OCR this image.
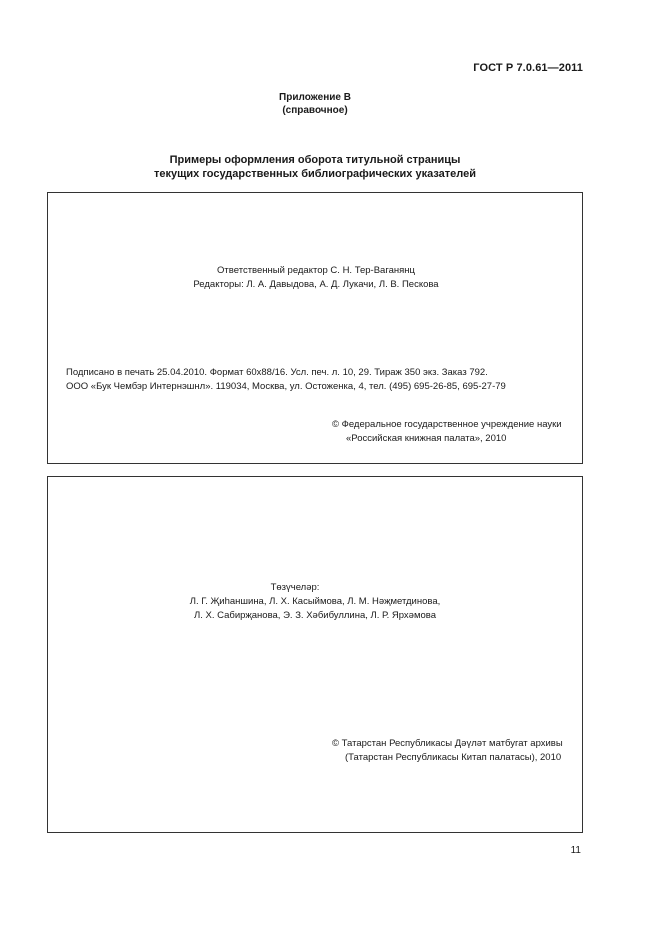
ГОСТ Р 7.0.61—2011
Приложение В
(справочное)
Примеры оформления оборота титульной страницы
текущих государственных библиографических указателей
Ответственный редактор С. Н. Тер-Ваганянц
Редакторы: Л. А. Давыдова, А. Д. Лукачи, Л. В. Пескова
Подписано в печать 25.04.2010. Формат 60x88/16. Усл. печ. л. 10, 29. Тираж 350 экз. Заказ 792.
ООО «Бук Чембэр Интернэшнл». 119034, Москва, ул. Остоженка, 4, тел. (495) 695-26-85, 695-27-79
© Федеральное государственное учреждение науки
«Российская книжная палата», 2010
Төзүчеләр:
Л. Г. Җиһаншина, Л. Х. Касыймова, Л. М. Нәҗметдинова,
Л. Х. Сабирҗанова, Э. З. Хәбибуллина, Л. Р. Ярхәмова
© Татарстан Республикасы Дәүләт матбугат архивы
(Татарстан Республикасы Китап палатасы), 2010
11
